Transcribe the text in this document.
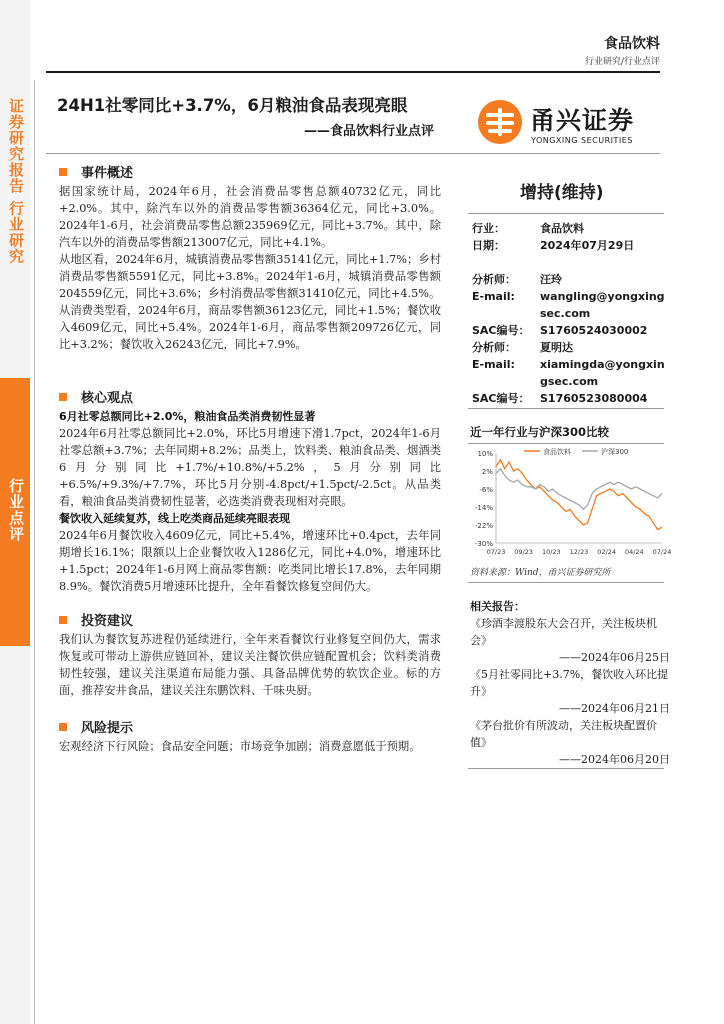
证券研究报告 行业研究
行业点评
食品饮料
行业研究/行业点评
24H1社零同比+3.7%，6月粮油食品表现亮眼
——食品饮料行业点评	甬兴证券
YONGXING SECURITIES
事件概述

据国家统计局，2024年6月，社会消费品零售总额40732亿元，同比+2.0%。其中，除汽车以外的消费品零售额36364亿元，同比+3.0%。2024年1-6月，社会消费品零售总额235969亿元，同比+3.7%。其中，除汽车以外的消费品零售额213007亿元，同比+4.1%。

从地区看，2024年6月，城镇消费品零售额35141亿元，同比+1.7%；乡村消费品零售额5591亿元，同比+3.8%。2024年1-6月，城镇消费品零售额204559亿元，同比+3.6%；乡村消费品零售额31410亿元，同比+4.5%。

从消费类型看，2024年6月，商品零售额36123亿元，同比+1.5%；餐饮收入4609亿元，同比+5.4%。2024年1-6月，商品零售额209726亿元，同比+3.2%；餐饮收入26243亿元，同比+7.9%。

核心观点

6月社零总额同比+2.0%，粮油食品类消费韧性显著

2024年6月社零总额同比+2.0%，环比5月增速下滑1.7pct，2024年1-6月社零总额+3.7%；去年同期+8.2%；品类上，饮料类、粮油食品类、烟酒类6月分别同比+1.7%/+10.8%/+5.2%，5月分别同比+6.5%/+9.3%/+7.7%，环比5月分别-4.8pct/+1.5pct/-2.5ct。从品类看，粮油食品类消费韧性显著，必选类消费表现相对亮眼。

餐饮收入延续复苏，线上吃类商品延续亮眼表现

2024年6月餐饮收入4609亿元，同比+5.4%，增速环比+0.4pct，去年同期增长16.1%；限额以上企业餐饮收入1286亿元，同比+4.0%，增速环比+1.5pct；2024年1-6月网上商品零售额：吃类同比增长17.8%，去年同期8.9%。餐饮消费5月增速环比提升，全年看餐饮修复空间仍大。

投资建议

我们认为餐饮复苏进程仍延续进行，全年来看餐饮行业修复空间仍大，需求恢复或可带动上游供应链回补，建议关注餐饮供应链配置机会；饮料类消费韧性较强，建议关注渠道布局能力强、具备品牌优势的软饮企业。标的方面，推荐安井食品，建议关注东鹏饮料、千味央厨。

风险提示

宏观经济下行风险；食品安全问题；市场竞争加剧；消费意愿低于预期。

增持(维持)
行业：	食品饮料
日期：	2024年07月29日
分析师： 汪玲
E-mail: wangling@yongxingsec.com
SAC编号： S1760524030002
分析师： 夏明达
E-mail: xiamingda@yongxingsec.com
SAC编号： S1760523080004
近一年行业与沪深300比较
10%
2%
-6%
-14%
-22%
-30%
07/23 09/23 10/23 12/23 02/24 04/24 07/24
食品饮料	沪深300
资料来源：Wind，甬兴证券研究所
相关报告：
《珍酒李渡股东大会召开，关注板块机会》
——2024年06月25日
《5月社零同比+3.7%，餐饮收入环比提升》
——2024年06月21日
《茅台批价有所波动，关注板块配置价值》
——2024年06月20日
